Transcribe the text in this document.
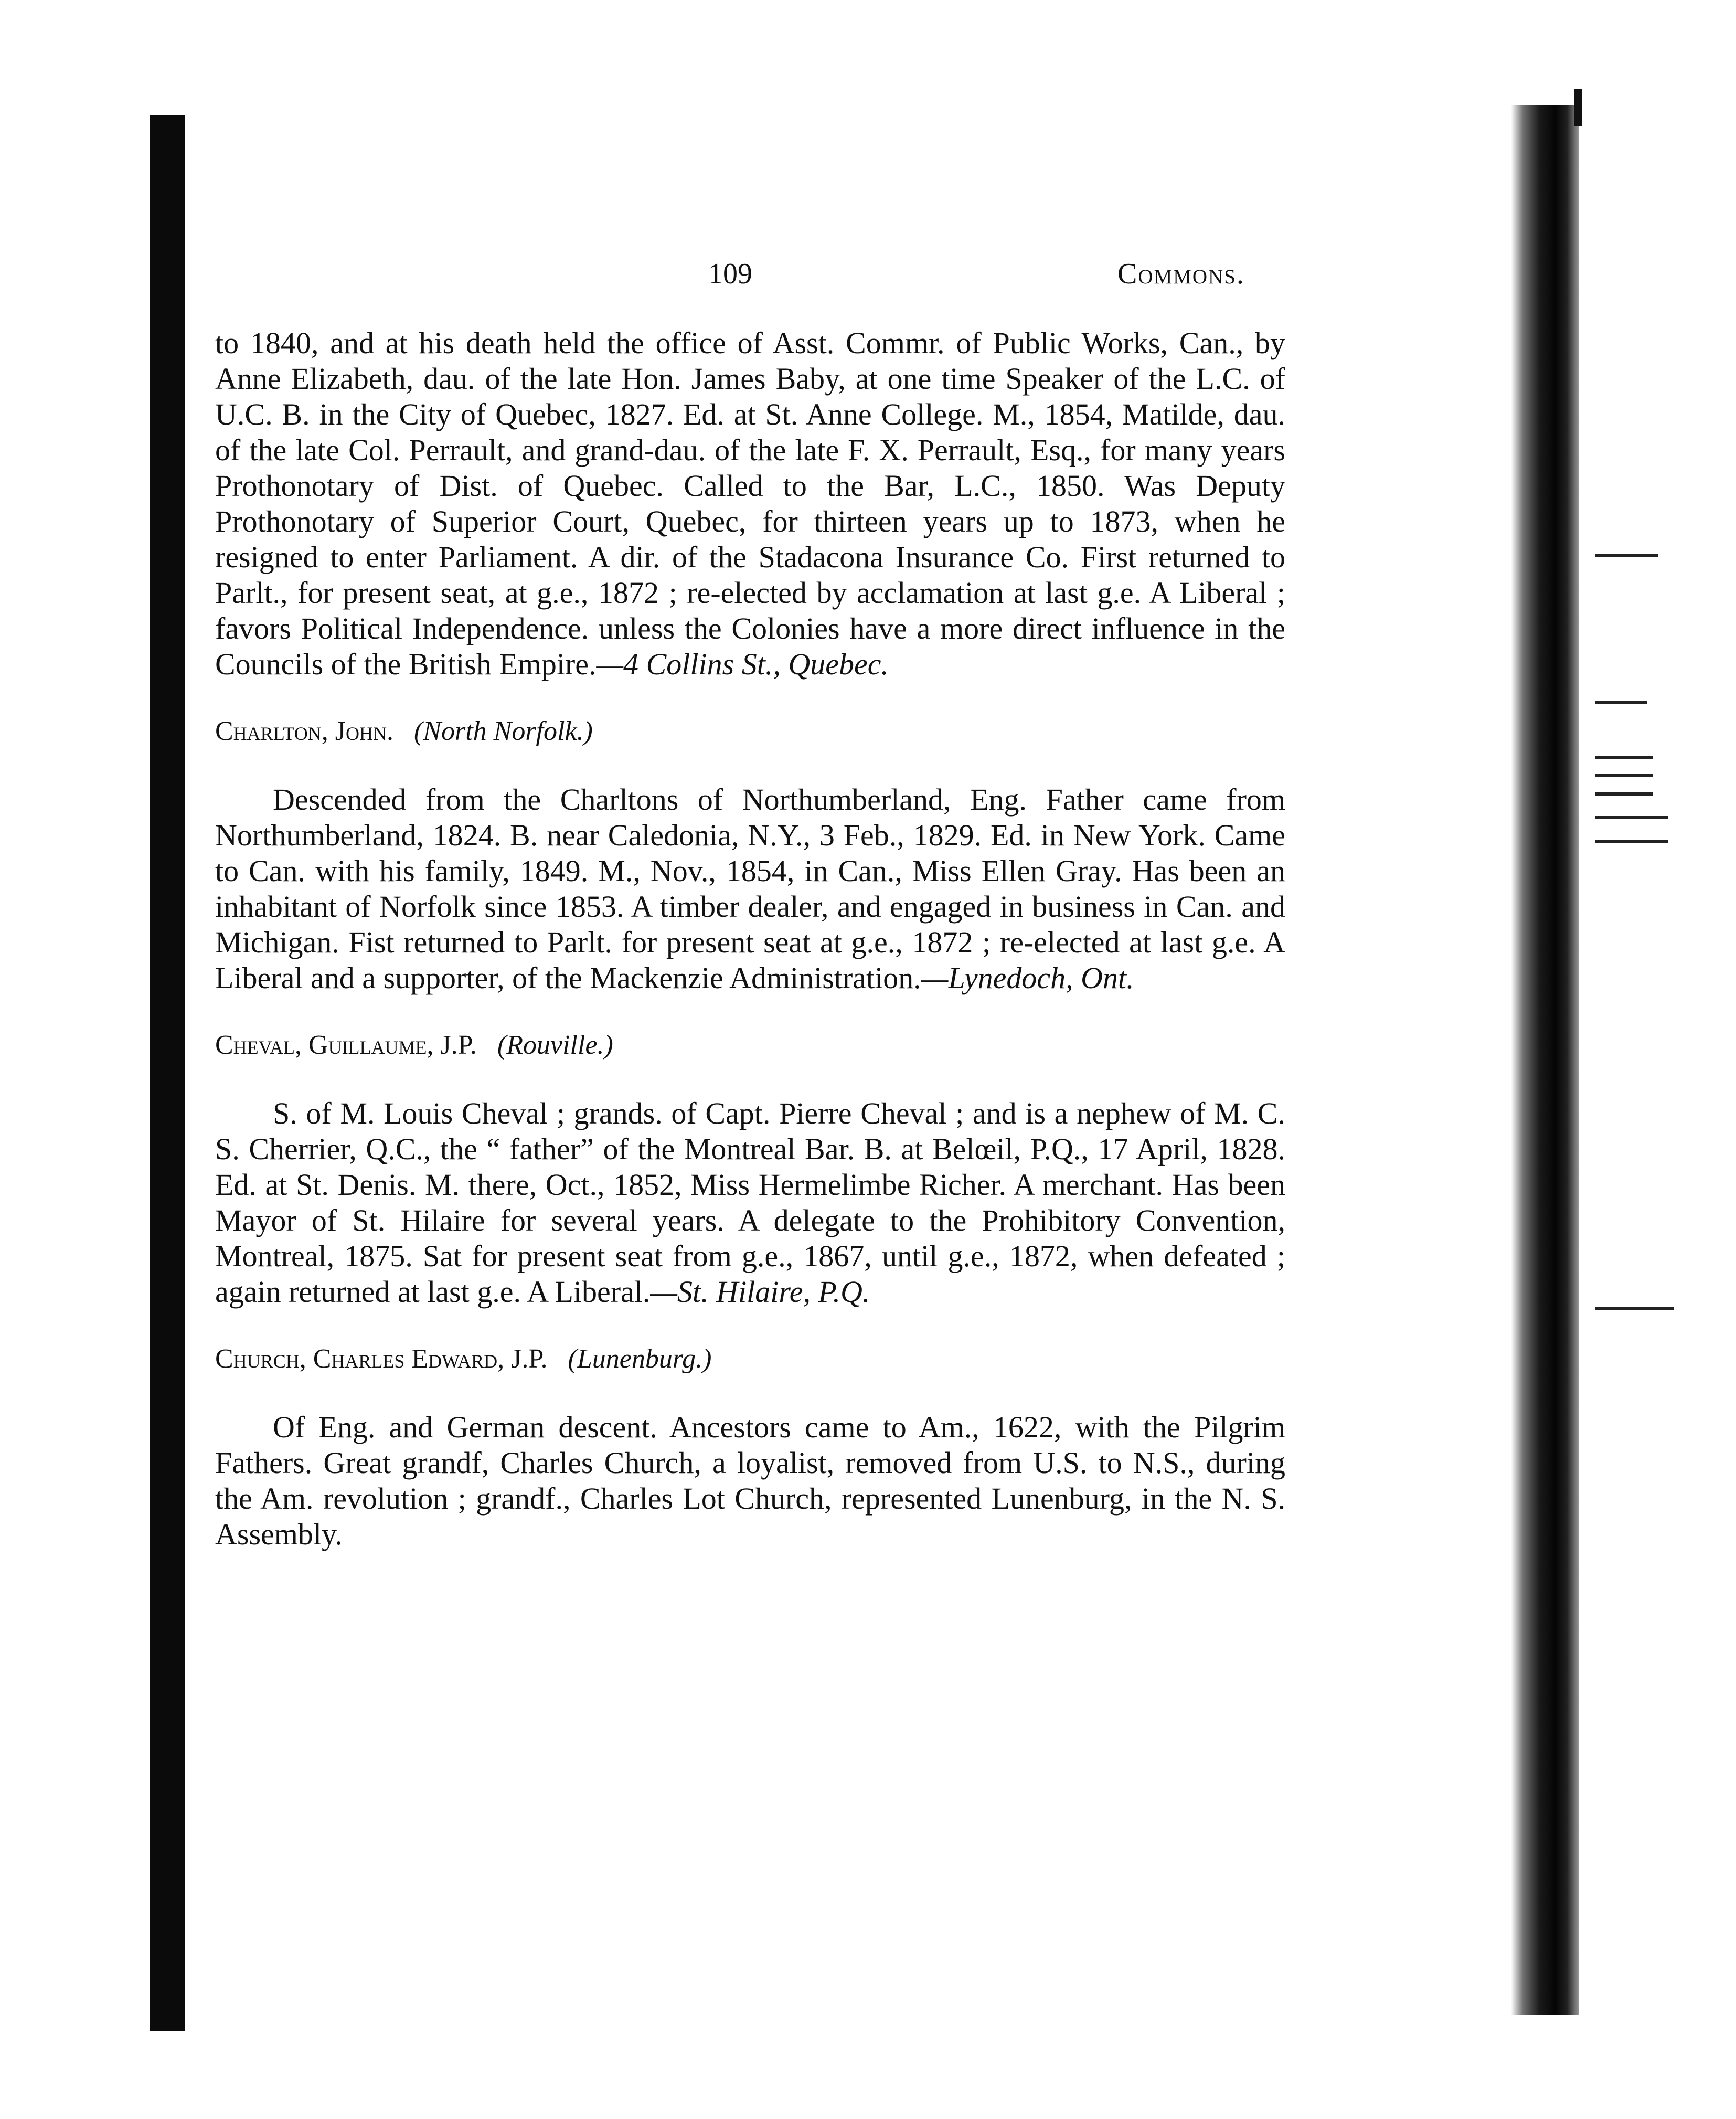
109	Commons.

to 1840, and at his death held the office of Asst. Commr. of Public Works, Can., by Anne Elizabeth, dau. of the late Hon. James Baby, at one time Speaker of the L.C. of U.C. B. in the City of Quebec, 1827. Ed. at St. Anne College. M., 1854, Matilde, dau. of the late Col. Perrault, and grand-dau. of the late F. X. Perrault, Esq., for many years Prothonotary of Dist. of Quebec. Called to the Bar, L.C., 1850. Was Deputy Prothonotary of Superior Court, Quebec, for thirteen years up to 1873, when he resigned to enter Parliament. A dir. of the Stadacona Insurance Co. First returned to Parlt., for present seat, at g.e., 1872 ; re-elected by acclamation at last g.e. A Liberal ; favors Political Independence. unless the Colonies have a more direct influence in the Councils of the British Empire.—4 Collins St., Quebec.

Charlton, John. (North Norfolk.)

Descended from the Charltons of Northumberland, Eng. Father came from Northumberland, 1824. B. near Caledonia, N.Y., 3 Feb., 1829. Ed. in New York. Came to Can. with his family, 1849. M., Nov., 1854, in Can., Miss Ellen Gray. Has been an inhabitant of Norfolk since 1853. A timber dealer, and engaged in business in Can. and Michigan. Fist returned to Parlt. for present seat at g.e., 1872 ; re-elected at last g.e. A Liberal and a supporter, of the Mackenzie Administration.—Lynedoch, Ont.

Cheval, Guillaume, J.P. (Rouville.)

S. of M. Louis Cheval ; grands. of Capt. Pierre Cheval ; and is a nephew of M. C. S. Cherrier, Q.C., the “ father” of the Montreal Bar. B. at Belœil, P.Q., 17 April, 1828. Ed. at St. Denis. M. there, Oct., 1852, Miss Hermelimbe Richer. A merchant. Has been Mayor of St. Hilaire for several years. A delegate to the Prohibitory Convention, Montreal, 1875. Sat for present seat from g.e., 1867, until g.e., 1872, when defeated ; again returned at last g.e. A Liberal.—St. Hilaire, P.Q.

Church, Charles Edward, J.P. (Lunenburg.)

Of Eng. and German descent. Ancestors came to Am., 1622, with the Pilgrim Fathers. Great grandf, Charles Church, a loyalist, removed from U.S. to N.S., during the Am. revolution ; grandf., Charles Lot Church, represented Lunenburg, in the N. S. Assembly.
